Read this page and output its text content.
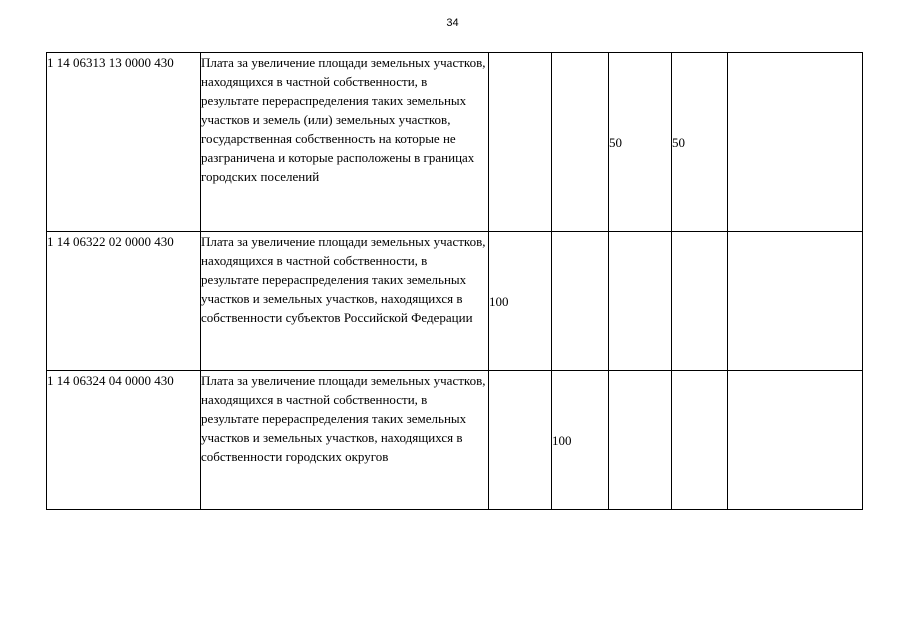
34
1 14 06313 13 0000 430	Плата за увеличение площади земельных участков, находящихся в частной собственности, в результате перераспределения таких земельных участков и земель (или) земельных участков, государственная собственность на которые не разграничена и которые расположены в границах городских поселений			50	50	
1 14 06322 02 0000 430	Плата за увеличение площади земельных участков, находящихся в частной собственности, в результате перераспределения таких земельных участков и земельных участков, находящихся в собственности субъектов Российской Федерации	100				
1 14 06324 04 0000 430	Плата за увеличение площади земельных участков, находящихся в частной собственности, в результате перераспределения таких земельных участков и земельных участков, находящихся в собственности городских округов		100			
